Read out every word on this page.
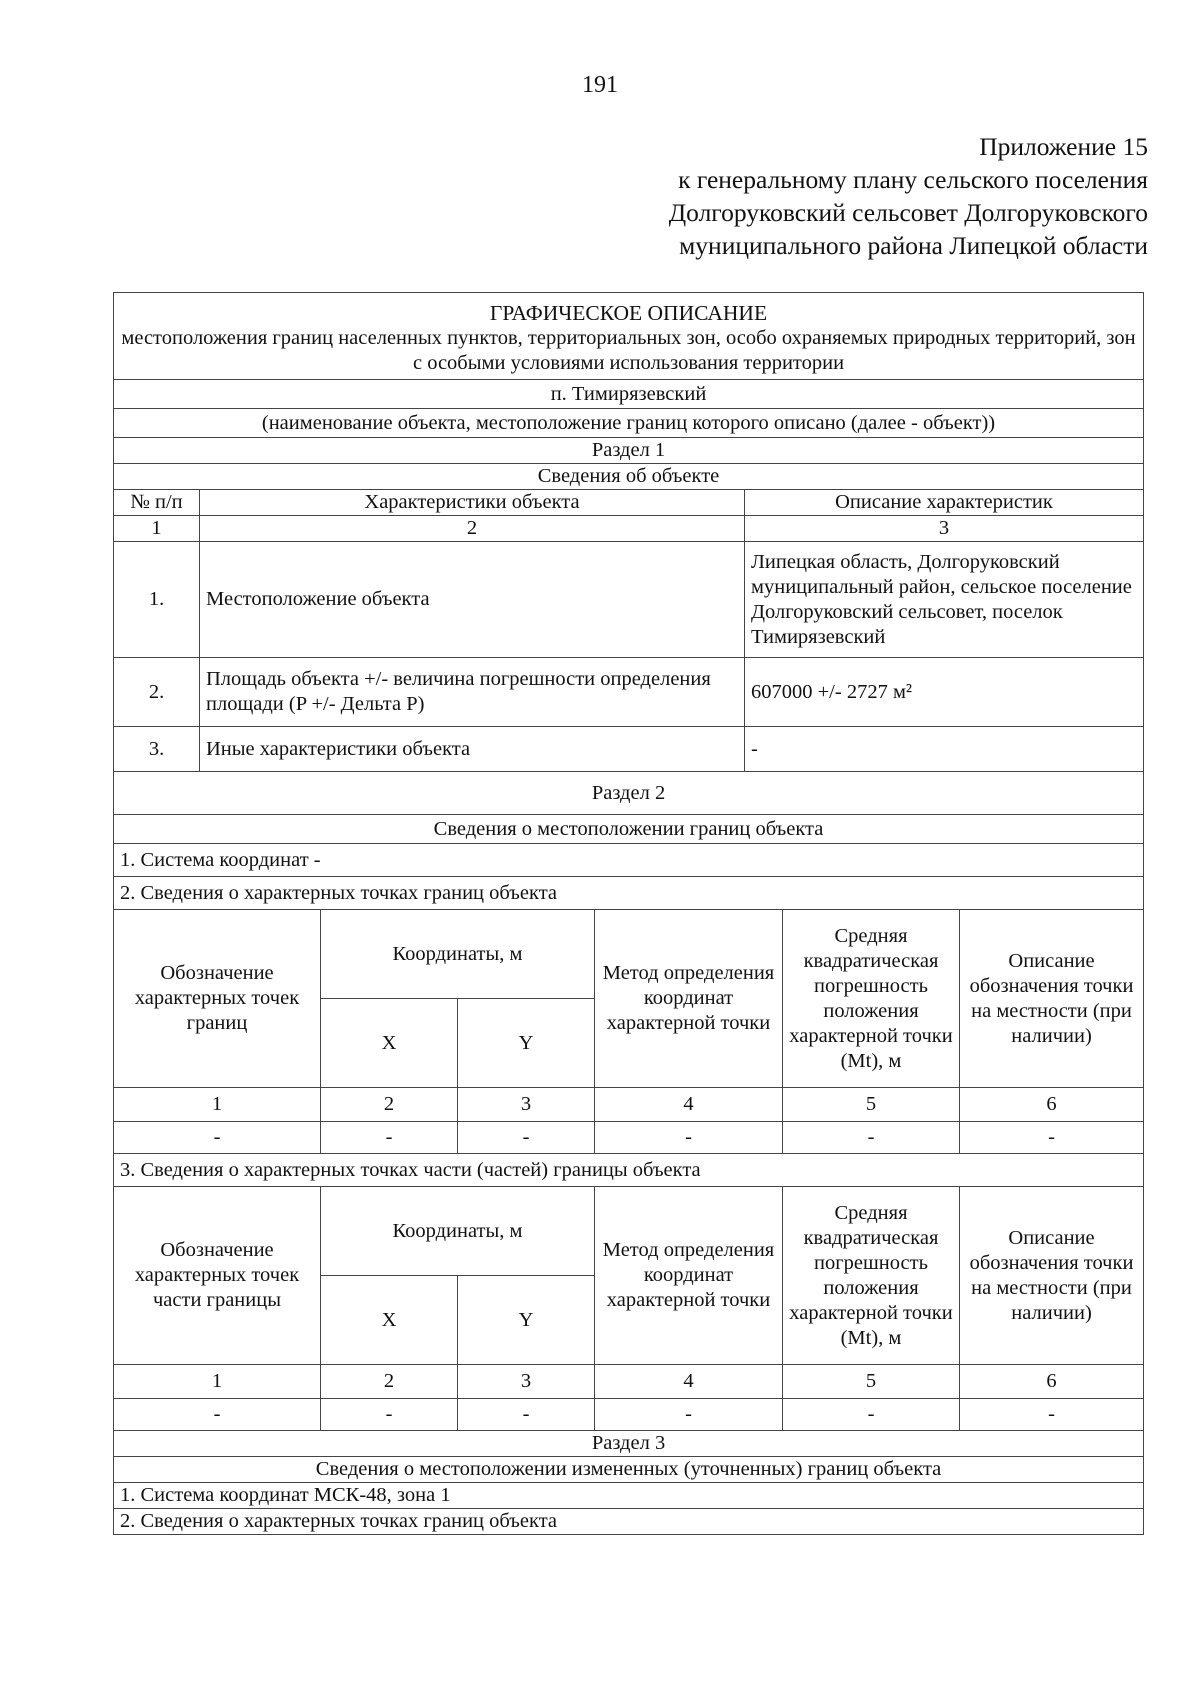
191
Приложение 15
к генеральному плану сельского поселения
Долгоруковский сельсовет Долгоруковского
муниципального района Липецкой области
ГРАФИЧЕСКОЕ ОПИСАНИЕ
местоположения границ населенных пунктов, территориальных зон, особо охраняемых природных территорий, зон с особыми условиями использования территории		

п. Тимирязевский		
(наименование объекта, местоположение границ которого описано (далее - объект))		
Раздел 1		
Сведения об объекте		
№ п/п	Характеристики объекта	Описание характеристик
1	2	3
1.	Местоположение объекта	Липецкая область, Долгоруковский муниципальный район, сельское поселение Долгоруковский сельсовет, поселок Тимирязевский
2.	Площадь объекта +/- величина погрешности определения площади (P +/- Дельта P)	607000 +/- 2727 м²
3.	Иные характеристики объекта	-
Раздел 2					
Сведения о местоположении границ объекта					
1. Система координат -					
2. Сведения о характерных точках границ объекта					
Обозначение характерных точек границ	Координаты, м		Метод определения координат характерной точки	Средняя квадратическая погрешность положения характерной точки (Mt), м	Описание обозначения точки на местности (при наличии)
	X	Y			
1	2	3	4	5	6
-	-	-	-	-	-
3. Сведения о характерных точках части (частей) границы объекта					
Обозначение характерных точек части границы	Координаты, м		Метод определения координат характерной точки	Средняя квадратическая погрешность положения характерной точки (Mt), м	Описание обозначения точки на местности (при наличии)
	X	Y			
1	2	3	4	5	6
-	-	-	-	-	-
Раздел 3					
Сведения о местоположении измененных (уточненных) границ объекта					
1. Система координат МСК-48, зона 1					
2. Сведения о характерных точках границ объекта					
